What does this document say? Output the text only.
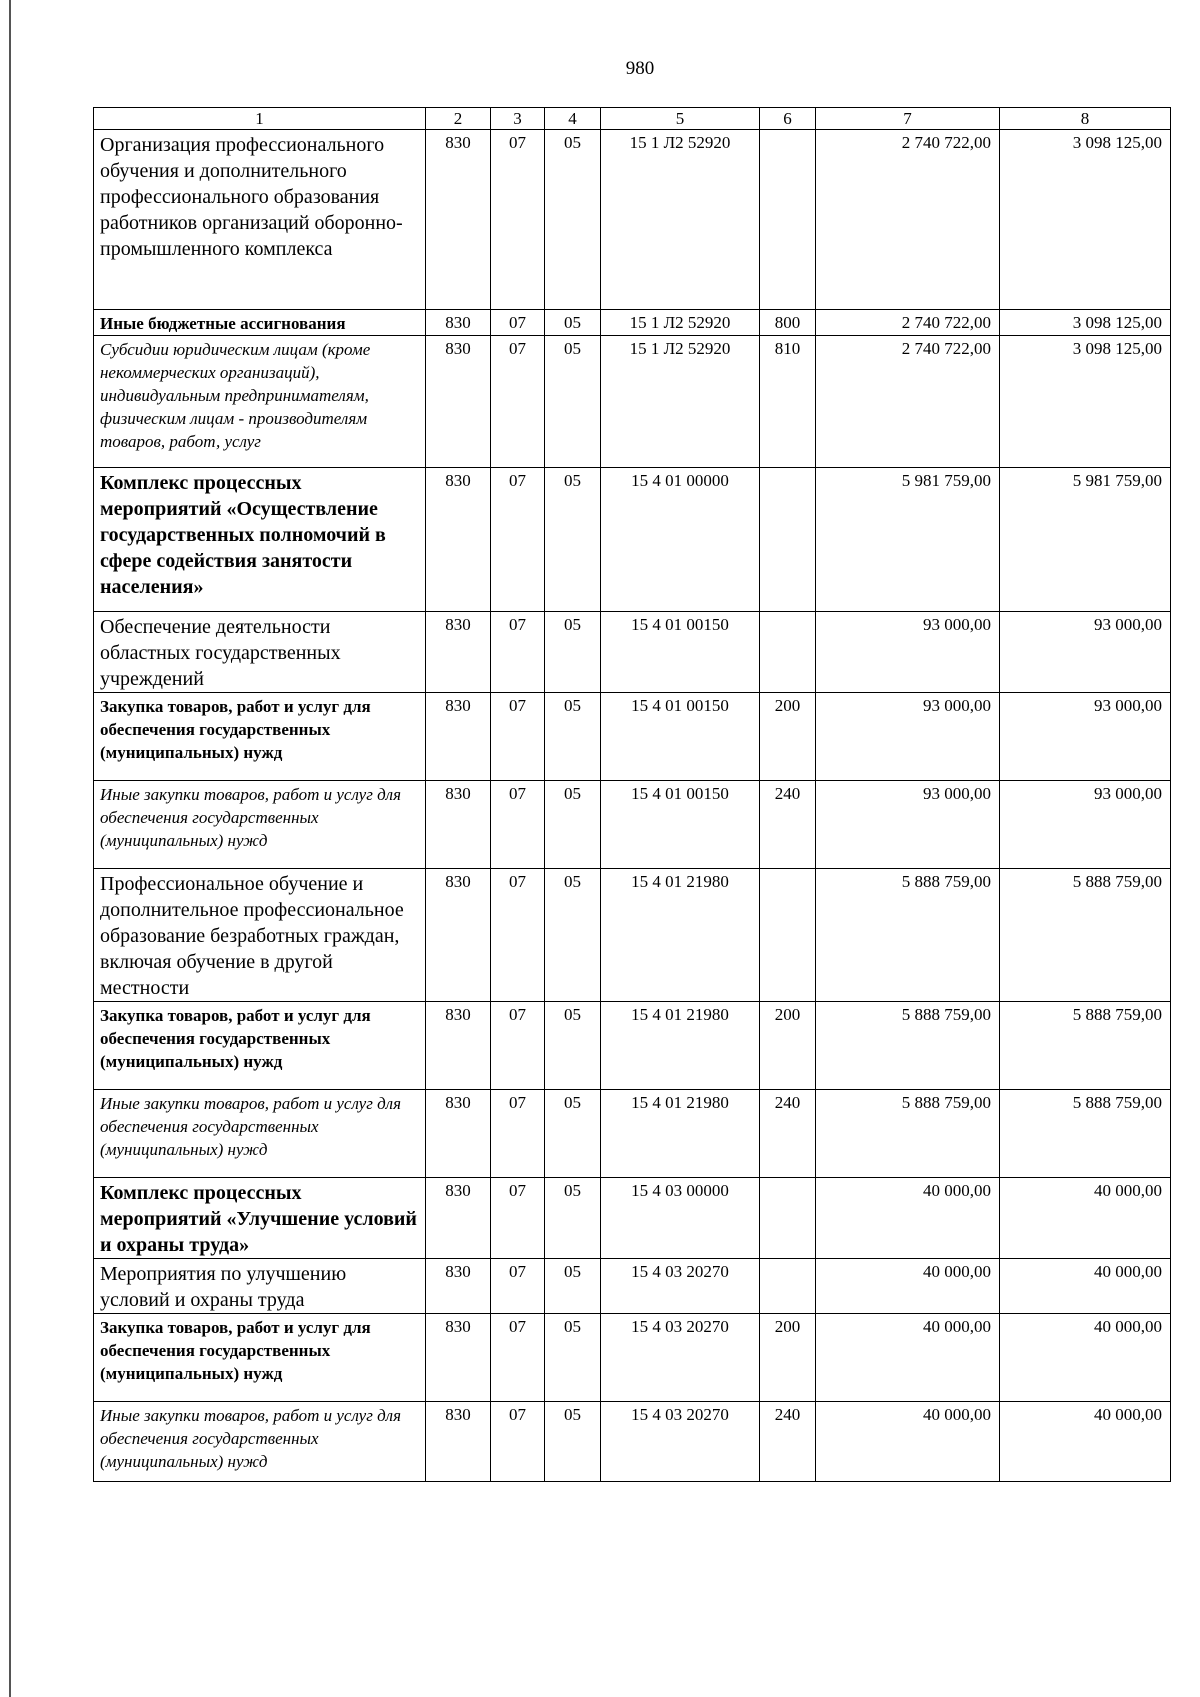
980
1	2	3	4	5	6	7	8
Организация профессионального обучения и дополнительного профессионального образования работников организаций оборонно-промышленного комплекса	830	07	05	15 1 Л2 52920		2 740 722,00	3 098 125,00
Иные бюджетные ассигнования	830	07	05	15 1 Л2 52920	800	2 740 722,00	3 098 125,00
Субсидии юридическим лицам (кроме некоммерческих организаций), индивидуальным предпринимателям, физическим лицам - производителям товаров, работ, услуг	830	07	05	15 1 Л2 52920	810	2 740 722,00	3 098 125,00
Комплекс процессных мероприятий «Осуществление государственных полномочий в сфере содействия занятости населения»	830	07	05	15 4 01 00000		5 981 759,00	5 981 759,00
Обеспечение деятельности областных государственных учреждений	830	07	05	15 4 01 00150		93 000,00	93 000,00
Закупка товаров, работ и услуг для обеспечения государственных (муниципальных) нужд	830	07	05	15 4 01 00150	200	93 000,00	93 000,00
Иные закупки товаров, работ и услуг для обеспечения государственных (муниципальных) нужд	830	07	05	15 4 01 00150	240	93 000,00	93 000,00
Профессиональное обучение и дополнительное профессиональное образование безработных граждан, включая обучение в другой местности	830	07	05	15 4 01 21980		5 888 759,00	5 888 759,00
Закупка товаров, работ и услуг для обеспечения государственных (муниципальных) нужд	830	07	05	15 4 01 21980	200	5 888 759,00	5 888 759,00
Иные закупки товаров, работ и услуг для обеспечения государственных (муниципальных) нужд	830	07	05	15 4 01 21980	240	5 888 759,00	5 888 759,00
Комплекс процессных мероприятий «Улучшение условий и охраны труда»	830	07	05	15 4 03 00000		40 000,00	40 000,00
Мероприятия по улучшению условий и охраны труда	830	07	05	15 4 03 20270		40 000,00	40 000,00
Закупка товаров, работ и услуг для обеспечения государственных (муниципальных) нужд	830	07	05	15 4 03 20270	200	40 000,00	40 000,00
Иные закупки товаров, работ и услуг для обеспечения государственных (муниципальных) нужд	830	07	05	15 4 03 20270	240	40 000,00	40 000,00
